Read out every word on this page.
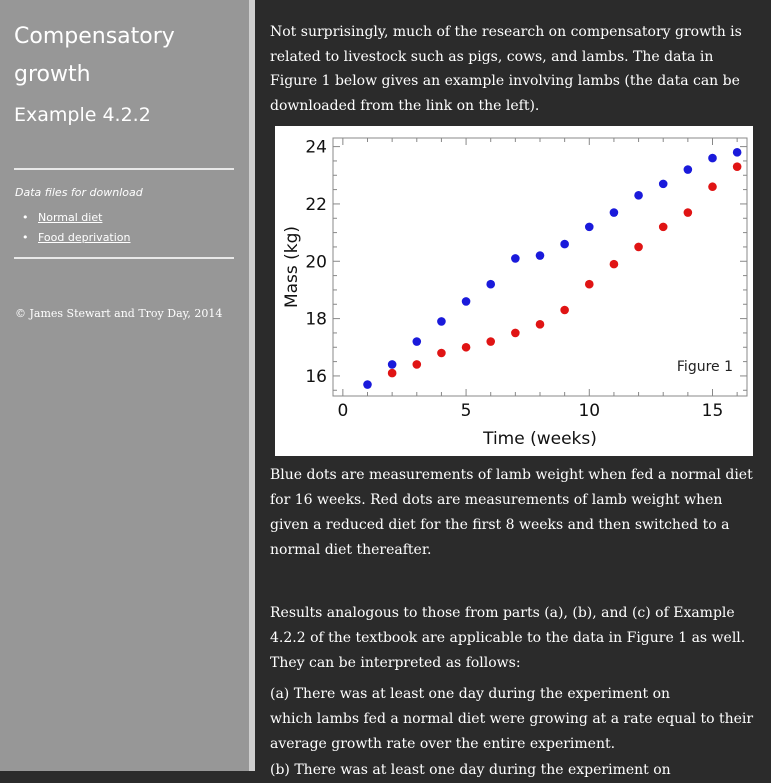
Compensatory growth
Example 4.2.2
Data files for download
• Normal diet
• Food deprivation
© James Stewart and Troy Day, 2014

Not surprisingly, much of the research on compensatory growth is related to livestock such as pigs, cows, and lambs. The data in Figure 1 below gives an example involving lambs (the data can be downloaded from the link on the left).

0	5	10	15
16
18
20
22
24
Figure 1
Time (weeks)
Mass (kg)
Blue dots are measurements of lamb weight when fed a normal diet for 16 weeks. Red dots are measurements of lamb weight when given a reduced diet for the first 8 weeks and then switched to a normal diet thereafter.
Results analogous to those from parts (a), (b), and (c) of Example 4.2.2 of the textbook are applicable to the data in Figure 1 as well. They can be interpreted as follows:
(a) There was at least one day during the experiment on
which lambs fed a normal diet were growing at a rate equal to their average growth rate over the entire experiment.
(b) There was at least one day during the experiment on
